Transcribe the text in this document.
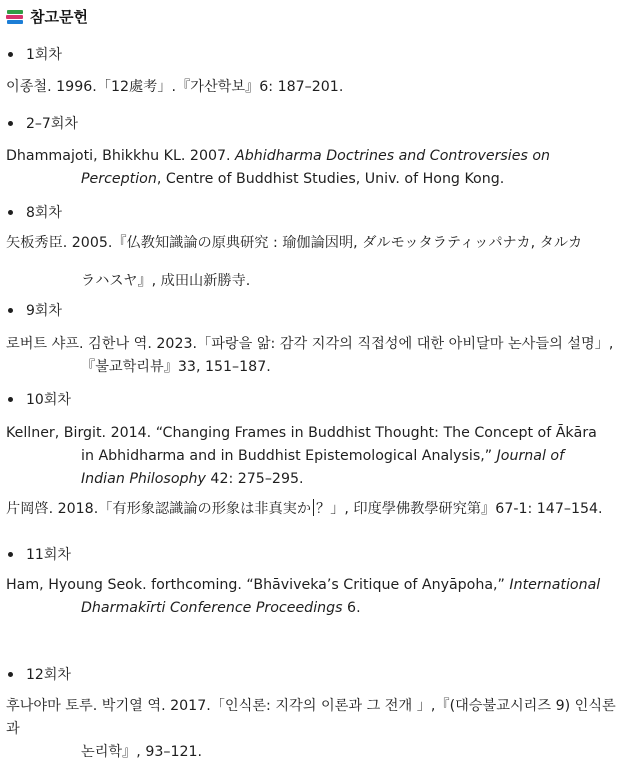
참고문헌
1회차
이종철. 1996.「12處考」.『가산학보』6: 187–201.
2–7회차
Dhammajoti, Bhikkhu KL. 2007. Abhidharma Doctrines and Controversies on
Perception, Centre of Buddhist Studies, Univ. of Hong Kong.
8회차
矢板秀臣. 2005.『仏教知識論の原典研究 : 瑜伽論因明, ダルモッタラティッパナカ, タルカ
ラハスヤ』, 成田山新勝寺.
9회차
로버트 샤프. 김한나 역. 2023.「파랑을 앎: 감각 지각의 직접성에 대한 아비달마 논사들의 설명」,
『불교학리뷰』33, 151–187.
10회차
Kellner, Birgit. 2014. “Changing Frames in Buddhist Thought: The Concept of Ākāra
in Abhidharma and in Buddhist Epistemological Analysis,” Journal of
Indian Philosophy 42: 275–295.
片岡啓. 2018.「有形象認識論の形象は非真実か ？」, 印度學佛教學研究第』67-1: 147–154.
11회차
Ham, Hyoung Seok. forthcoming. “Bhāviveka’s Critique of Anyāpoha,” International
Dharmakīrti Conference Proceedings 6.
12회차
후나야마 토루. 박기열 역. 2017.「인식론: 지각의 이론과 그 전개 」,『(대승불교시리즈 9) 인식론과
논리학』, 93–121.
